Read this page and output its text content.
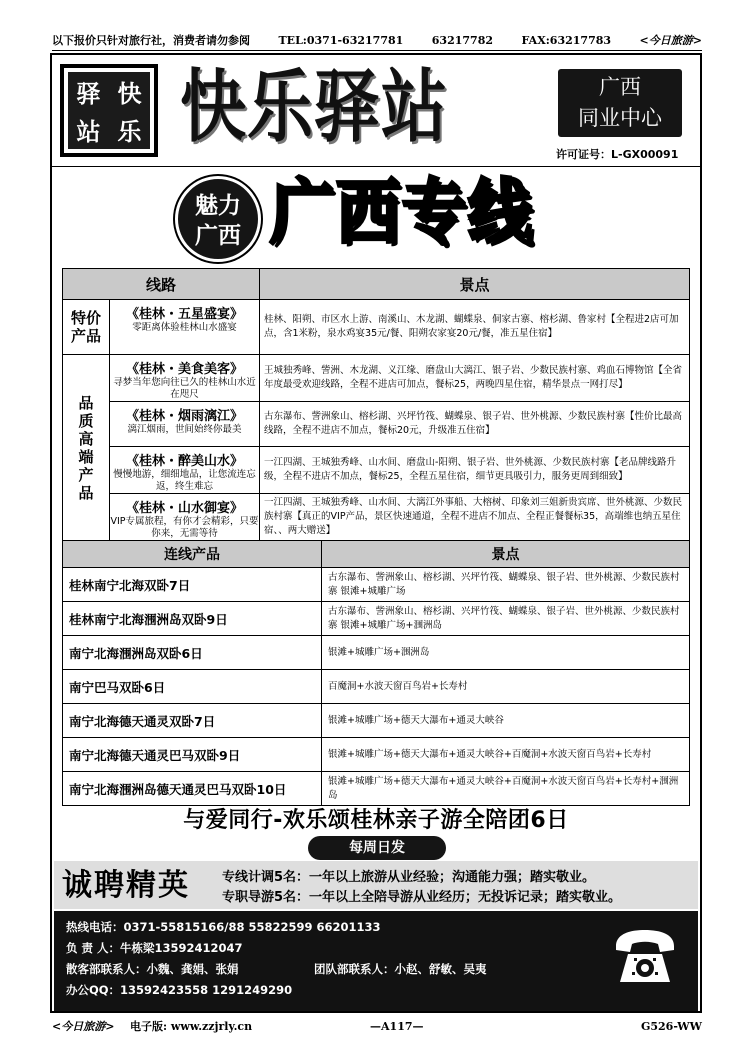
以下报价只针对旅行社，消费者请勿参阅	TEL:0371-63217781	63217782	FAX:63217783	<今日旅游>
驿 快
站 乐 快乐驿站	广西
同业中心
许可证号：L-GX00091
魅力
广西 广西专线
线路		景点

特价产品	《桂林・五星盛宴》
零距离体验桂林山水盛宴	桂林、阳朔、市区水上游、南溪山、木龙湖、蝴蝶泉、侗家古寨、榕杉湖、鲁家村【全程进2店可加点，含1米粉，泉水鸡宴35元/餐、阳朔农家宴20元/餐，准五星住宿】

品质高端产品	《桂林・美食美客》
寻梦当年您向往已久的桂林山水近在咫尺	王城独秀峰、訾洲、木龙湖、义江缘、磨盘山大漓江、银子岩、少数民族村寨、鸡血石博物馆【全省年度最受欢迎线路，全程不进店可加点，餐标25，两晚四星住宿，精华景点一网打尽】

	《桂林・烟雨漓江》
漓江烟雨，世间始终你最美	古东瀑布、訾洲象山、榕杉湖、兴坪竹筏、蝴蝶泉、银子岩、世外桃源、少数民族村寨【性价比最高线路，全程不进店不加点，餐标20元，升级准五住宿】

	《桂林・醉美山水》
慢慢地游，细细地品，让您流连忘返，终生难忘	一江四湖、王城独秀峰、山水间、磨盘山-阳朔、银子岩、世外桃源、少数民族村寨【老品牌线路升级，全程不进店不加点，餐标25，全程五星住宿，细节更具吸引力，服务更周到细致】

	《桂林・山水御宴》
VIP专属旅程，有你才会精彩，只要你来，无需等待	一江四湖、王城独秀峰、山水间、大漓江外事船、大榕树、印象刘三姐新贵宾席、世外桃源、少数民族村寨【真正的VIP产品，景区快速通道，全程不进店不加点、全程正餐餐标35，高端维也纳五星住宿、、两大赠送】
连线产品	景点
桂林南宁北海双卧7日	古东瀑布、訾洲象山、榕杉湖、兴坪竹筏、蝴蝶泉、银子岩、世外桃源、少数民族村寨 银滩+城雕广场
桂林南宁北海涠洲岛双卧9日	古东瀑布、訾洲象山、榕杉湖、兴坪竹筏、蝴蝶泉、银子岩、世外桃源、少数民族村寨 银滩+城雕广场+涠洲岛
南宁北海涠洲岛双卧6日	银滩+城雕广场+涠洲岛
南宁巴马双卧6日	百魔洞+水波天窗百鸟岩+长寿村
南宁北海德天通灵双卧7日	银滩+城雕广场+德天大瀑布+通灵大峡谷
南宁北海德天通灵巴马双卧9日	银滩+城雕广场+德天大瀑布+通灵大峡谷+百魔洞+水波天窗百鸟岩+长寿村
南宁北海涠洲岛德天通灵巴马双卧10日	银滩+城雕广场+德天大瀑布+通灵大峡谷+百魔洞+水波天窗百鸟岩+长寿村+涠洲岛
与爱同行-欢乐颂桂林亲子游全陪团6日
每周日发
诚聘精英 专线计调5名：一年以上旅游从业经验；沟通能力强；踏实敬业。
专职导游5名：一年以上全陪导游从业经历；无投诉记录；踏实敬业。
热线电话：0371-55815166/88 55822599 66201133
负 责 人：牛栋梁13592412047
散客部联系人：小魏、龚娟、张娟	团队部联系人：小赵、舒敏、吴夷
办公QQ：13592423558 1291249290
<今日旅游>	电子版: www.zzjrly.cn	—A117—	G526-WW
